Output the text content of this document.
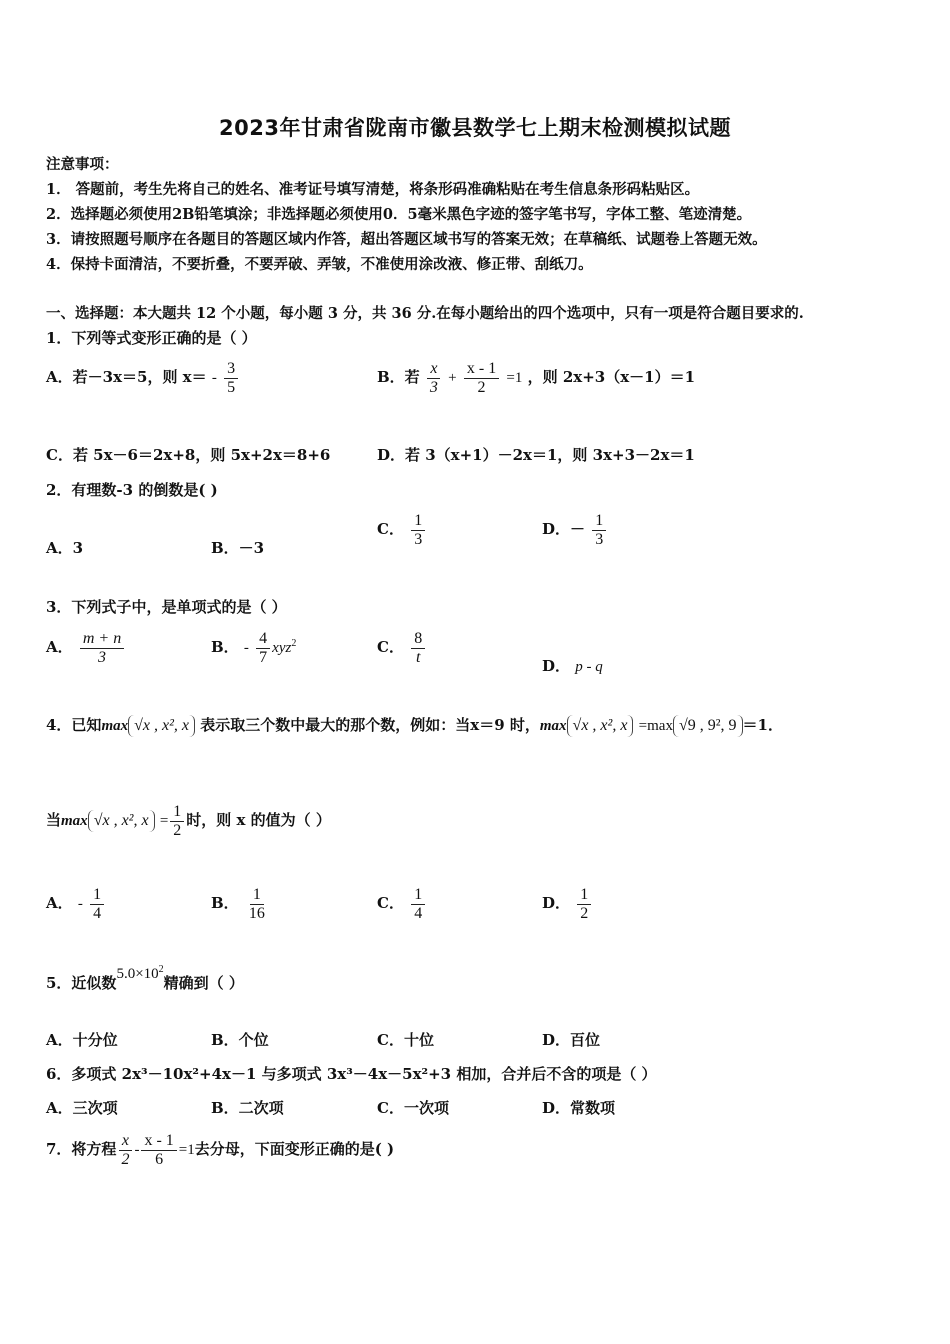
2023年甘肃省陇南市徽县数学七上期末检测模拟试题
注意事项：
1． 答题前，考生先将自己的姓名、准考证号填写清楚，将条形码准确粘贴在考生信息条形码粘贴区。
2．选择题必须使用2B铅笔填涂；非选择题必须使用0．5毫米黑色字迹的签字笔书写，字体工整、笔迹清楚。
3．请按照题号顺序在各题目的答题区域内作答，超出答题区域书写的答案无效；在草稿纸、试题卷上答题无效。
4．保持卡面清洁，不要折叠，不要弄破、弄皱，不准使用涂改液、修正带、刮纸刀。
一、选择题：本大题共 12 个小题，每小题 3 分，共 36 分.在每小题给出的四个选项中，只有一项是符合题目要求的.
1．下列等式变形正确的是（ ）
A．若－3x＝5，则 $x= - \frac{3}{5}$	B．若 $\frac{x}{3} + \frac{x - 1}{2} =1$ ，则 2x+3（x－1）＝1
C．若 5x－6＝2x+8，则 5x+2x＝8+6	D．若 3（x+1）－2x＝1，则 3x+3－2x＝1
2．有理数-3 的倒数是( )
A．3	B．－3
C． $\frac{1}{3}$	D．－ $\frac{1}{3}$
3．下列式子中，是单项式的是（ ）
A． $\frac{m + n}{3}$	B． - $\frac{4}{7} xyz^2$	C． $\frac{8}{t}$	D． p - q
4．已知max √x , x², x 表示取三个数中最大的那个数，例如：当x＝9 时，max √x , x², x =max √9 , 9², 9 ＝1．
当max √x , x², $x = \frac{1}{2}$ 时，则 x 的值为（ ）
A． - $\frac{1}{4}$	B． $\frac{1}{16}$	C． $\frac{1}{4}$	D． $\frac{1}{2}$
5．近似数$5.0\times 10^2$精确到（ ）
A．十分位	B．个位	C．十位	D．百位
6．多项式 2x³－10x²+4x－1 与多项式 3x³－4x－5x²+3 相加，合并后不含的项是（ ）
A．三次项	B．二次项	C．一次项	D．常数项
7．将方程 $\frac{x}{2} - \frac{x - 1}{6} =1$去分母，下面变形正确的是( )
